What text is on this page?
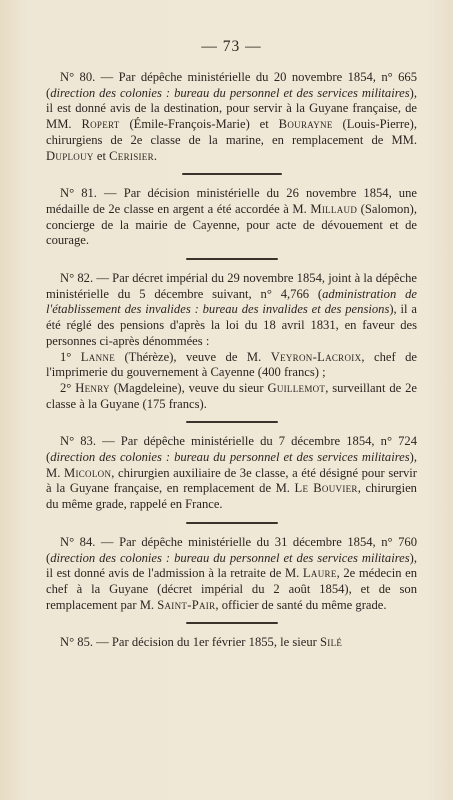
— 73 —

N° 80. — Par dépêche ministérielle du 20 novembre 1854, n° 665 (direction des colonies : bureau du personnel et des services militaires), il est donné avis de la destination, pour servir à la Guyane française, de MM. Ropert (Émile-François-Marie) et Bourayne (Louis-Pierre), chirurgiens de 2e classe de la marine, en remplacement de MM. Duplouy et Cerisier.

N° 81. — Par décision ministérielle du 26 novembre 1854, une médaille de 2e classe en argent a été accordée à M. Millaud (Salomon), concierge de la mairie de Cayenne, pour acte de dévouement et de courage.

N° 82. — Par décret impérial du 29 novembre 1854, joint à la dépêche ministérielle du 5 décembre suivant, n° 4,766 (administration de l'établissement des invalides : bureau des invalides et des pensions), il a été réglé des pensions d'après la loi du 18 avril 1831, en faveur des personnes ci-après dénommées :
1° Lanne (Thérèze), veuve de M. Veyron-Lacroix, chef de l'imprimerie du gouvernement à Cayenne (400 francs) ;
2° Henry (Magdeleine), veuve du sieur Guillemot, surveillant de 2e classe à la Guyane (175 francs).

N° 83. — Par dépêche ministérielle du 7 décembre 1854, n° 724 (direction des colonies : bureau du personnel et des services militaires), M. Micolon, chirurgien auxiliaire de 3e classe, a été désigné pour servir à la Guyane française, en remplacement de M. Le Bouvier, chirurgien du même grade, rappelé en France.

N° 84. — Par dépêche ministérielle du 31 décembre 1854, n° 760 (direction des colonies : bureau du personnel et des services militaires), il est donné avis de l'admission à la retraite de M. Laure, 2e médecin en chef à la Guyane (décret impérial du 2 août 1854), et de son remplacement par M. Saint-Pair, officier de santé du même grade.

N° 85. — Par décision du 1er février 1855, le sieur Silé
